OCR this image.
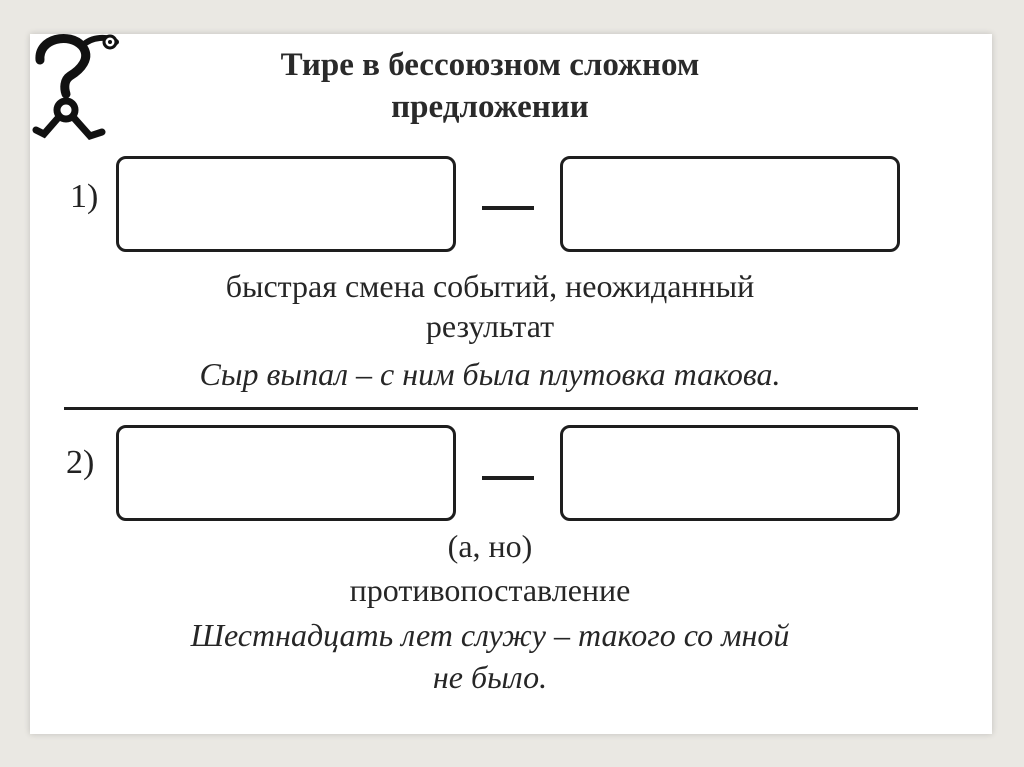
Тире в бессоюзном сложном
предложении
1)

быстрая смена событий, неожиданный
результат

Сыр выпал – с ним была плутовка такова.

2)

(а, но)

противопоставление

Шестнадцать лет служу – такого со мной
не было.
